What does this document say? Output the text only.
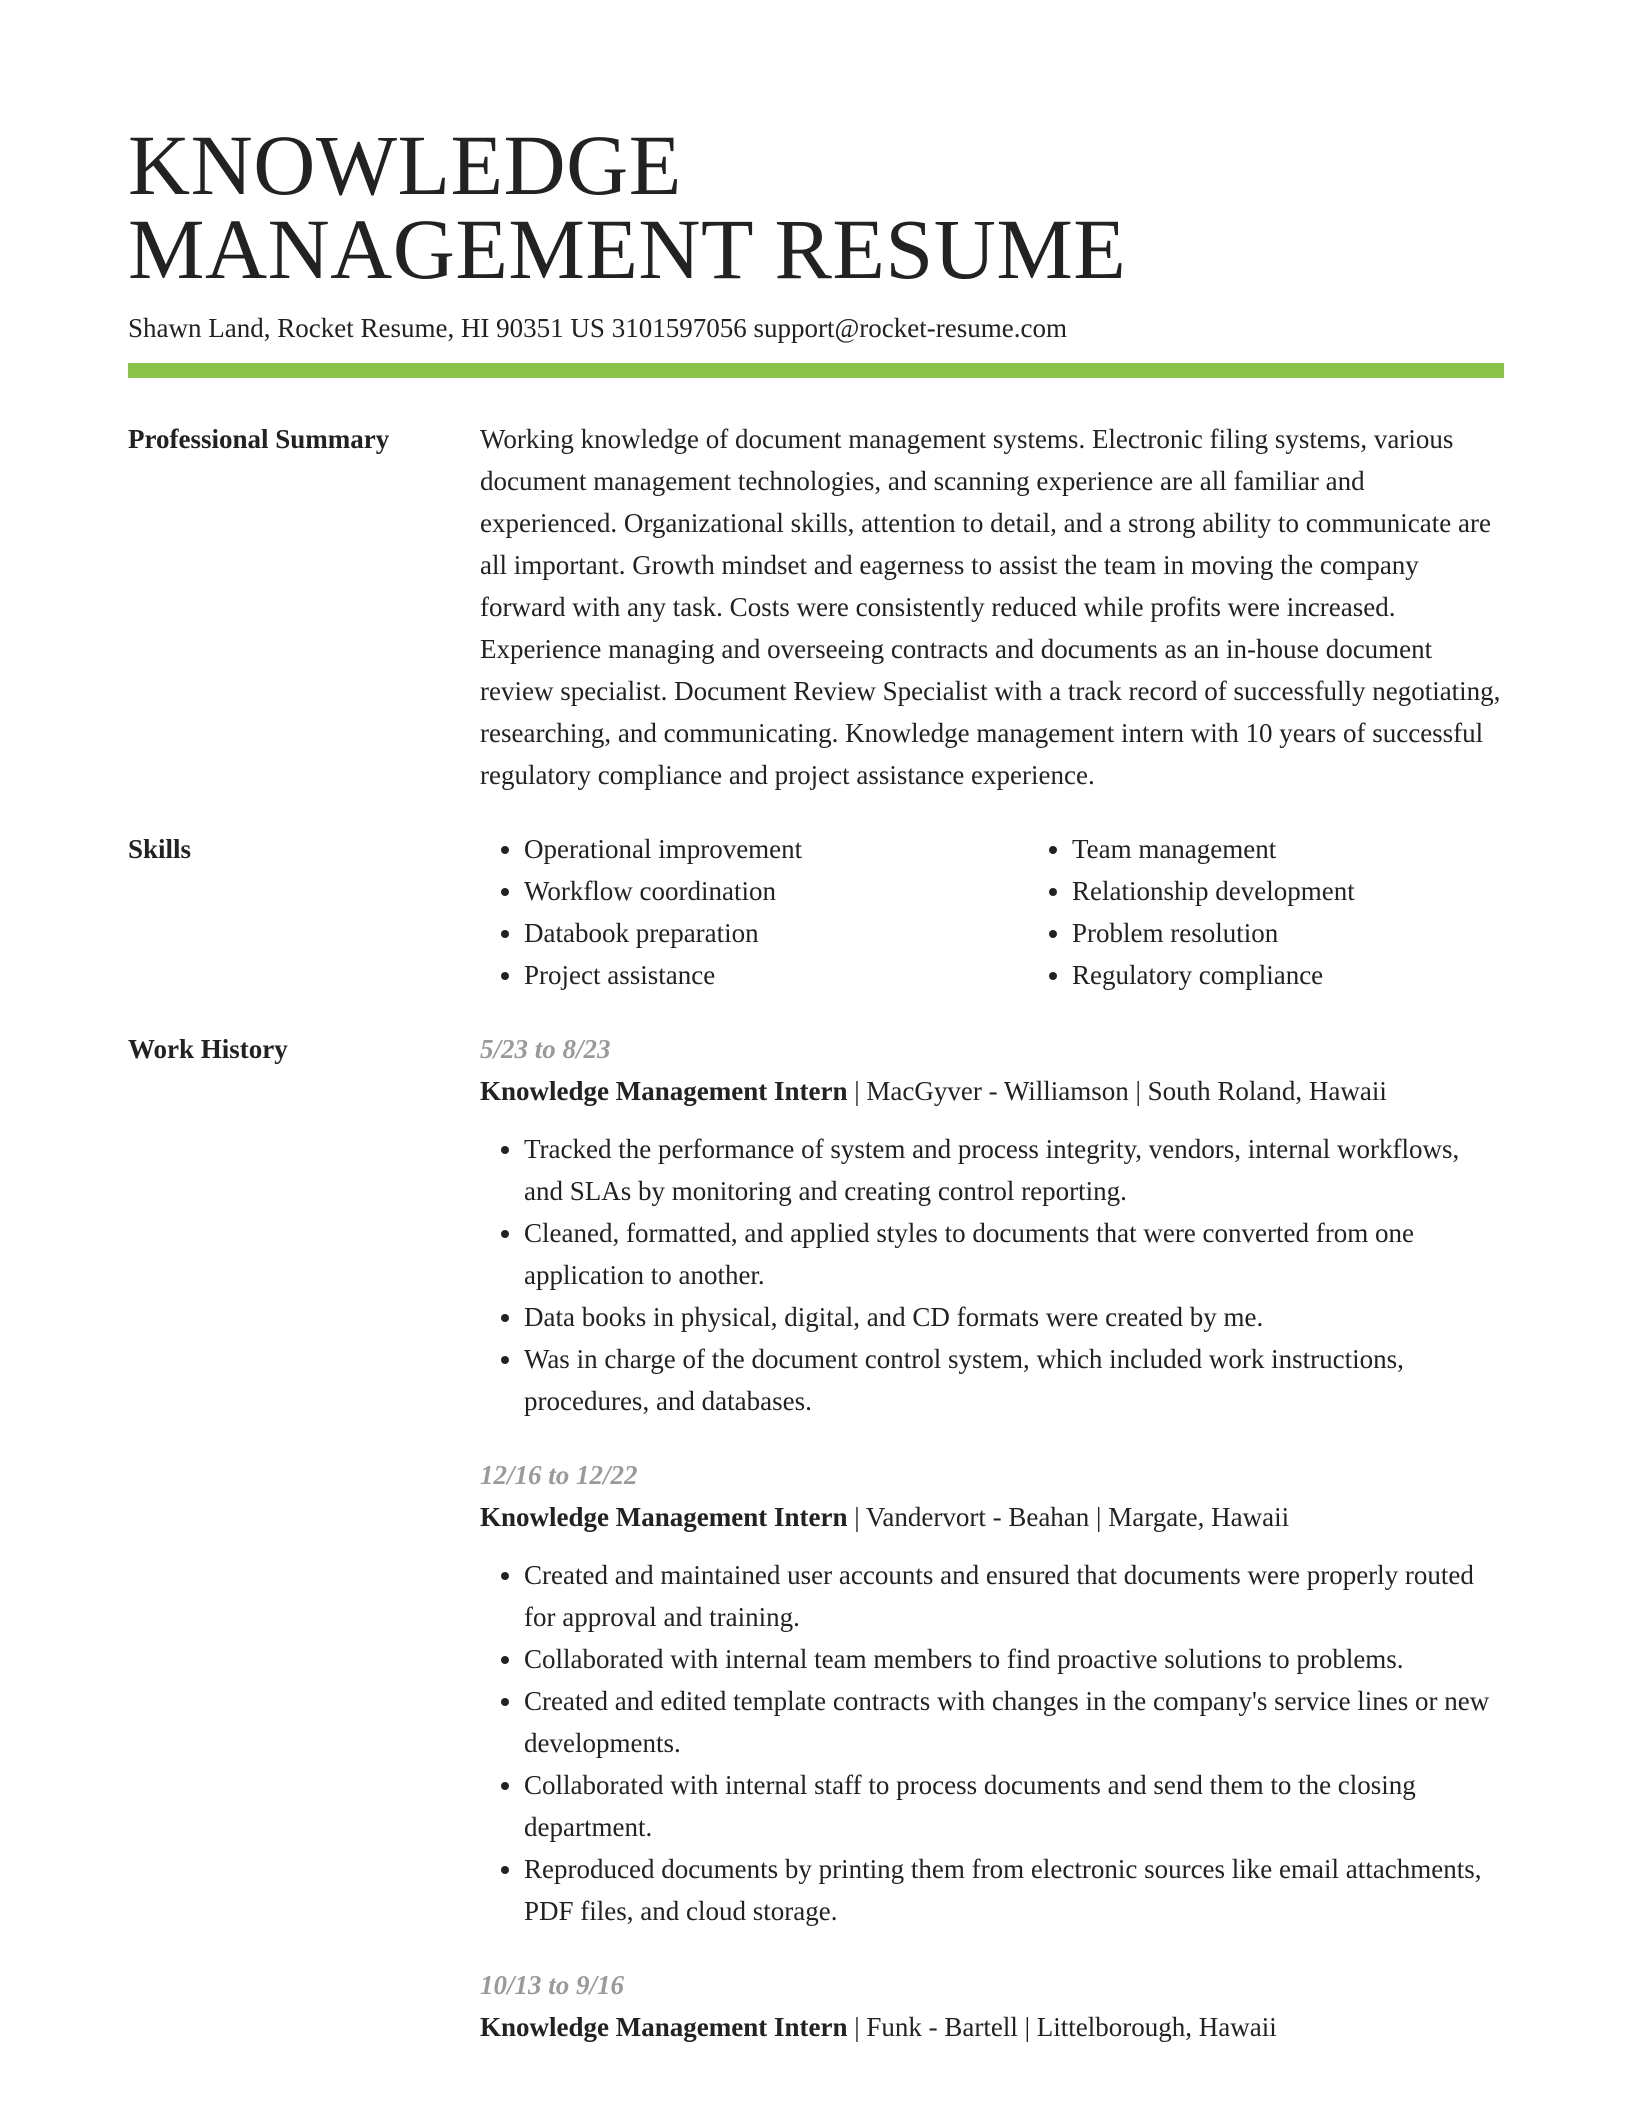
KNOWLEDGE
MANAGEMENT RESUME
Shawn Land, Rocket Resume, HI 90351 US 3101597056 support@rocket-resume.com
Professional Summary	Working knowledge of document management systems. Electronic filing systems, various document management technologies, and scanning experience are all familiar and experienced. Organizational skills, attention to detail, and a strong ability to communicate are all important. Growth mindset and eagerness to assist the team in moving the company forward with any task. Costs were consistently reduced while profits were increased. Experience managing and overseeing contracts and documents as an in-house document review specialist. Document Review Specialist with a track record of successfully negotiating, researching, and communicating. Knowledge management intern with 10 years of successful regulatory compliance and project assistance experience.
Skills
•	Operational improvement
• Workflow coordination
• Databook preparation
• Project assistance
• Team management
• Relationship development
• Problem resolution
• Regulatory compliance
Work History	5/23 to 8/23
Knowledge Management Intern | MacGyver - Williamson | South Roland, Hawaii
• Tracked the performance of system and process integrity, vendors, internal workflows, and SLAs by monitoring and creating control reporting.
• Cleaned, formatted, and applied styles to documents that were converted from one application to another.
• Data books in physical, digital, and CD formats were created by me.
• Was in charge of the document control system, which included work instructions, procedures, and databases.
12/16 to 12/22
Knowledge Management Intern | Vandervort - Beahan | Margate, Hawaii
• Created and maintained user accounts and ensured that documents were properly routed for approval and training.
• Collaborated with internal team members to find proactive solutions to problems.
• Created and edited template contracts with changes in the company's service lines or new developments.
• Collaborated with internal staff to process documents and send them to the closing department.
• Reproduced documents by printing them from electronic sources like email attachments, PDF files, and cloud storage.
10/13 to 9/16
Knowledge Management Intern | Funk - Bartell | Littelborough, Hawaii
